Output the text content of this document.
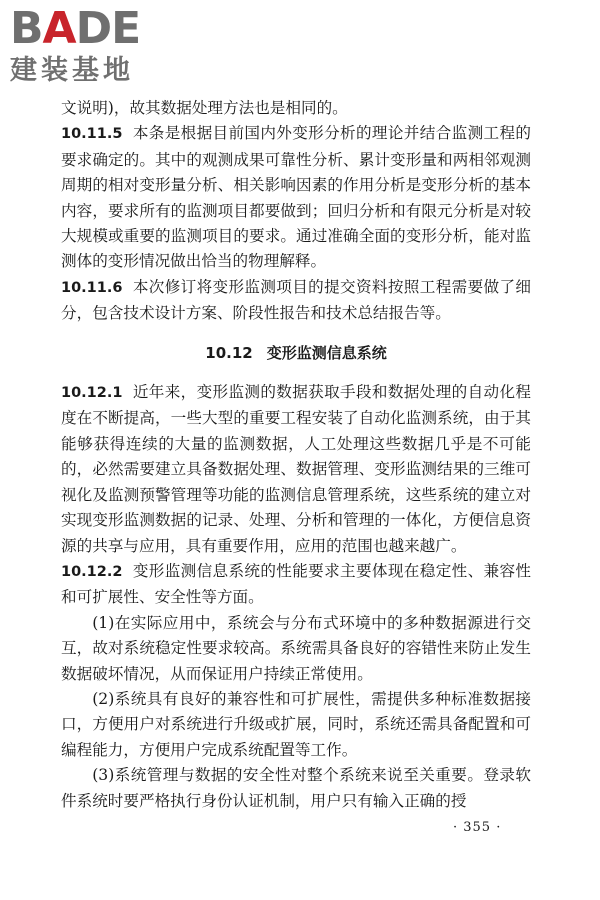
BADE
建装基地

文说明)，故其数据处理方法也是相同的。

10.11.5 本条是根据目前国内外变形分析的理论并结合监测工程的要求确定的。其中的观测成果可靠性分析、累计变形量和两相邻观测周期的相对变形量分析、相关影响因素的作用分析是变形分析的基本内容，要求所有的监测项目都要做到；回归分析和有限元分析是对较大规模或重要的监测项目的要求。通过准确全面的变形分析，能对监测体的变形情况做出恰当的物理解释。

10.11.6 本次修订将变形监测项目的提交资料按照工程需要做了细分，包含技术设计方案、阶段性报告和技术总结报告等。

10.12 变形监测信息系统

10.12.1 近年来，变形监测的数据获取手段和数据处理的自动化程度在不断提高，一些大型的重要工程安装了自动化监测系统，由于其能够获得连续的大量的监测数据，人工处理这些数据几乎是不可能的，必然需要建立具备数据处理、数据管理、变形监测结果的三维可视化及监测预警管理等功能的监测信息管理系统，这些系统的建立对实现变形监测数据的记录、处理、分析和管理的一体化，方便信息资源的共享与应用，具有重要作用，应用的范围也越来越广。

10.12.2 变形监测信息系统的性能要求主要体现在稳定性、兼容性和可扩展性、安全性等方面。

(1)在实际应用中，系统会与分布式环境中的多种数据源进行交互，故对系统稳定性要求较高。系统需具备良好的容错性来防止发生数据破坏情况，从而保证用户持续正常使用。

(2)系统具有良好的兼容性和可扩展性，需提供多种标准数据接口，方便用户对系统进行升级或扩展，同时，系统还需具备配置和可编程能力，方便用户完成系统配置等工作。

(3)系统管理与数据的安全性对整个系统来说至关重要。登录软件系统时要严格执行身份认证机制，用户只有输入正确的授

· 355 ·
